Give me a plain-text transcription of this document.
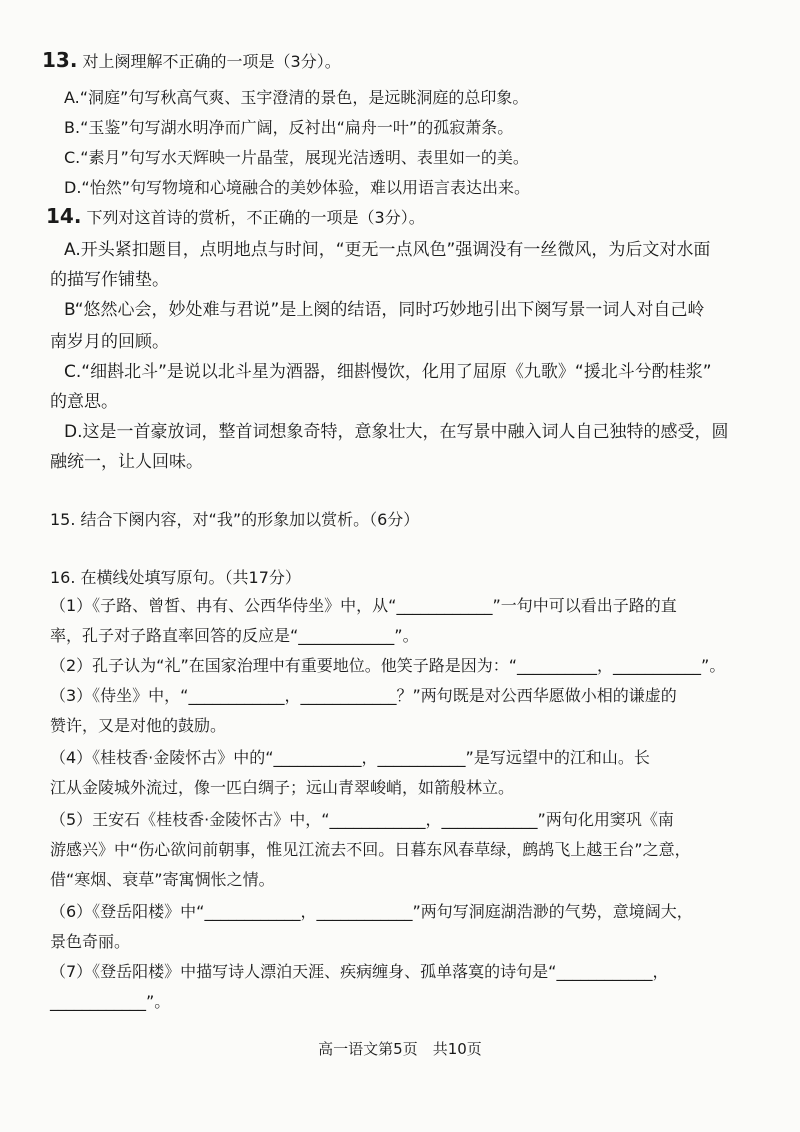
13. 对上阕理解不正确的一项是（3分）。
A.“洞庭”句写秋高气爽、玉宇澄清的景色，是远眺洞庭的总印象。
B.“玉鉴”句写湖水明净而广阔，反衬出“扁舟一叶”的孤寂萧条。
C.“素月”句写水天辉映一片晶莹，展现光洁透明、表里如一的美。
D.“怡然”句写物境和心境融合的美妙体验，难以用语言表达出来。
14. 下列对这首诗的赏析，不正确的一项是（3分）。
A.开头紧扣题目，点明地点与时间，“更无一点风色”强调没有一丝微风，为后文对水面
的描写作铺垫。
B“悠然心会，妙处难与君说”是上阕的结语，同时巧妙地引出下阕写景一词人对自己岭
南岁月的回顾。
C.“细斟北斗”是说以北斗星为酒器，细斟慢饮，化用了屈原《九歌》“援北斗兮酌桂浆”
的意思。
D.这是一首豪放词，整首词想象奇特，意象壮大，在写景中融入词人自己独特的感受，圆
融统一，让人回味。
15. 结合下阕内容，对“我”的形象加以赏析。（6分）
16. 在横线处填写原句。（共17分）
（1）《子路、曾皙、冉有、公西华侍坐》中，从“____________”一句中可以看出子路的直
率，孔子对子路直率回答的反应是“____________”。
（2）孔子认为“礼”在国家治理中有重要地位。他笑子路是因为：“__________，___________”。
（3）《侍坐》中，“____________，____________？”两句既是对公西华愿做小相的谦虚的
赞许，又是对他的鼓励。
（4）《桂枝香·金陵怀古》中的“___________，___________”是写远望中的江和山。长
江从金陵城外流过，像一匹白绸子；远山青翠峻峭，如箭般林立。
（5）王安石《桂枝香·金陵怀古》中，“____________，____________”两句化用窦巩《南
游感兴》中“伤心欲问前朝事，惟见江流去不回。日暮东风春草绿，鹧鸪飞上越王台”之意，
借“寒烟、衰草”寄寓惆怅之情。
（6）《登岳阳楼》中“____________，____________”两句写洞庭湖浩渺的气势，意境阔大，
景色奇丽。
（7）《登岳阳楼》中描写诗人漂泊天涯、疾病缠身、孤单落寞的诗句是“____________，
____________”。
高一语文第5页　共10页
